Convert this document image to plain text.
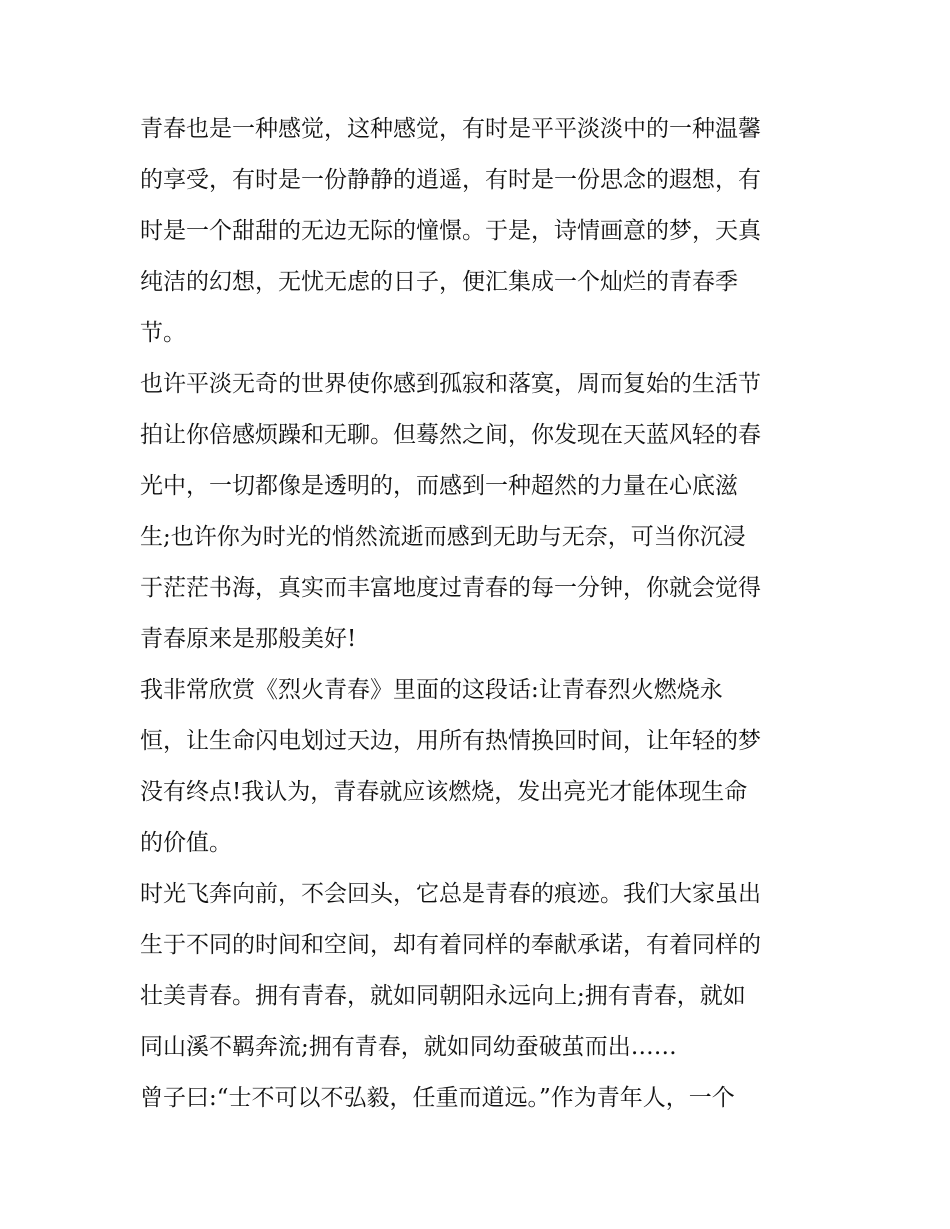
青春也是一种感觉，这种感觉，有时是平平淡淡中的一种温馨
的享受，有时是一份静静的逍遥，有时是一份思念的遐想，有
时是一个甜甜的无边无际的憧憬。于是，诗情画意的梦，天真
纯洁的幻想，无忧无虑的日子，便汇集成一个灿烂的青春季
节。
也许平淡无奇的世界使你感到孤寂和落寞，周而复始的生活节
拍让你倍感烦躁和无聊。但蓦然之间，你发现在天蓝风轻的春
光中，一切都像是透明的，而感到一种超然的力量在心底滋
生;也许你为时光的悄然流逝而感到无助与无奈，可当你沉浸
于茫茫书海，真实而丰富地度过青春的每一分钟，你就会觉得
青春原来是那般美好!
我非常欣赏《烈火青春》里面的这段话:让青春烈火燃烧永
恒，让生命闪电划过天边，用所有热情换回时间，让年轻的梦
没有终点!我认为，青春就应该燃烧，发出亮光才能体现生命
的价值。
时光飞奔向前，不会回头，它总是青春的痕迹。我们大家虽出
生于不同的时间和空间，却有着同样的奉献承诺，有着同样的
壮美青春。拥有青春，就如同朝阳永远向上;拥有青春，就如
同山溪不羁奔流;拥有青春，就如同幼蚕破茧而出……
曾子曰:“士不可以不弘毅，任重而道远。”作为青年人，一个
